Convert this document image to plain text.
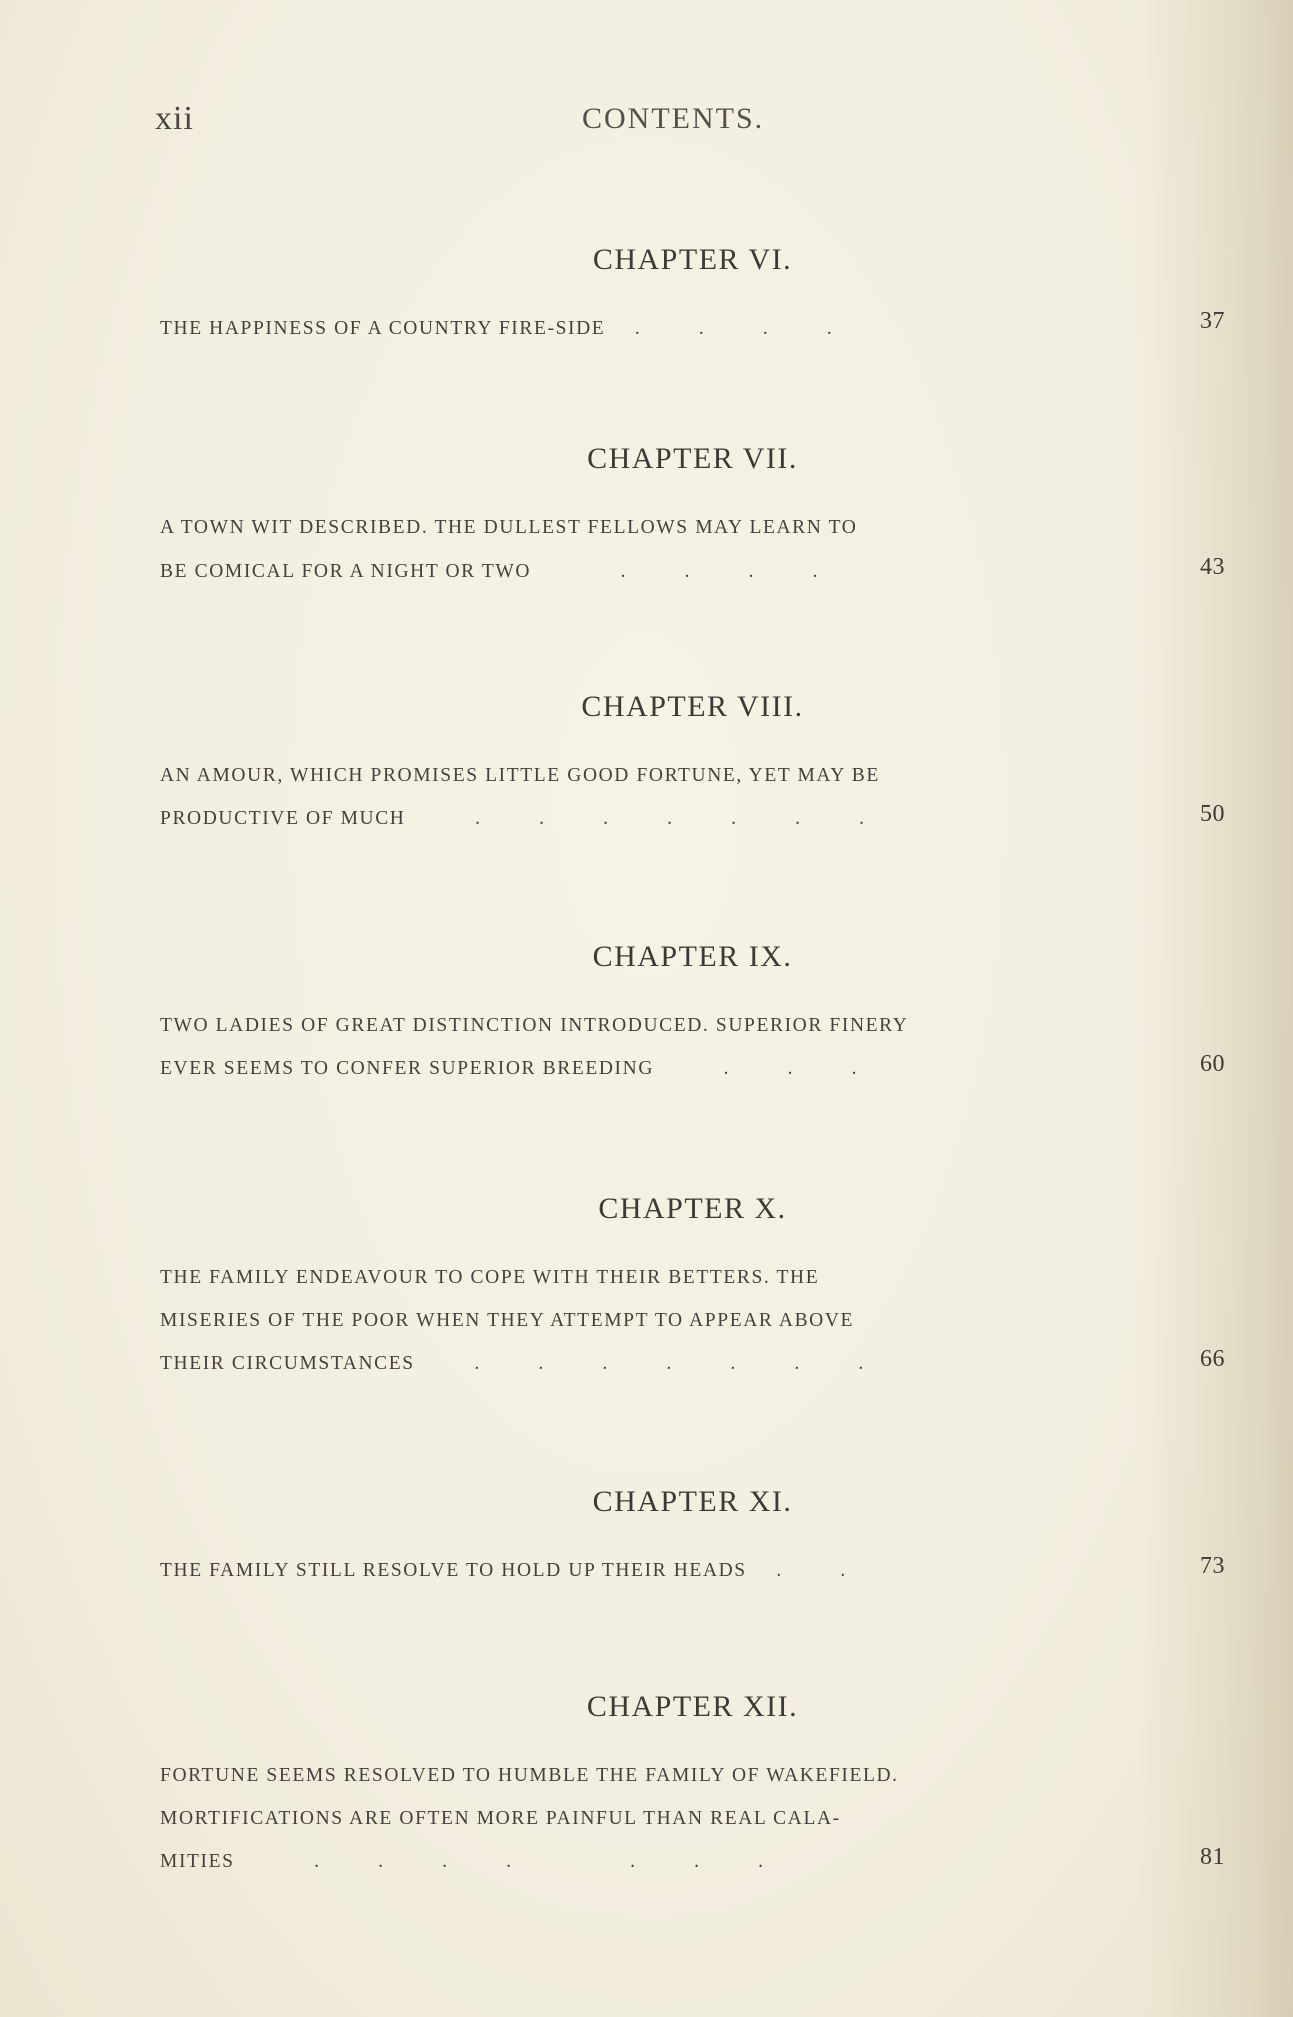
xii	CONTENTS.
CHAPTER VI.
THE HAPPINESS OF A COUNTRY FIRE-SIDE .	.	.	.	37
CHAPTER VII.
A TOWN WIT DESCRIBED. THE DULLEST FELLOWS MAY LEARN TO
BE COMICAL FOR A NIGHT OR TWO	.	.	.	.	43
CHAPTER VIII.
AN AMOUR, WHICH PROMISES LITTLE GOOD FORTUNE, YET MAY BE
PRODUCTIVE OF MUCH	.	.	.	.	.	.	.	50
CHAPTER IX.
TWO LADIES OF GREAT DISTINCTION INTRODUCED. SUPERIOR FINERY
EVER SEEMS TO CONFER SUPERIOR BREEDING	.	.	.	60
CHAPTER X.
THE FAMILY ENDEAVOUR TO COPE WITH THEIR BETTERS. THE
MISERIES OF THE POOR WHEN THEY ATTEMPT TO APPEAR ABOVE
THEIR CIRCUMSTANCES	.	.	.	.	.	.	.	66
CHAPTER XI.
THE FAMILY STILL RESOLVE TO HOLD UP THEIR HEADS .	.	73
CHAPTER XII.
FORTUNE SEEMS RESOLVED TO HUMBLE THE FAMILY OF WAKEFIELD.
MORTIFICATIONS ARE OFTEN MORE PAINFUL THAN REAL CALA-
MITIES	.	.	.	.	.	.	.	81
